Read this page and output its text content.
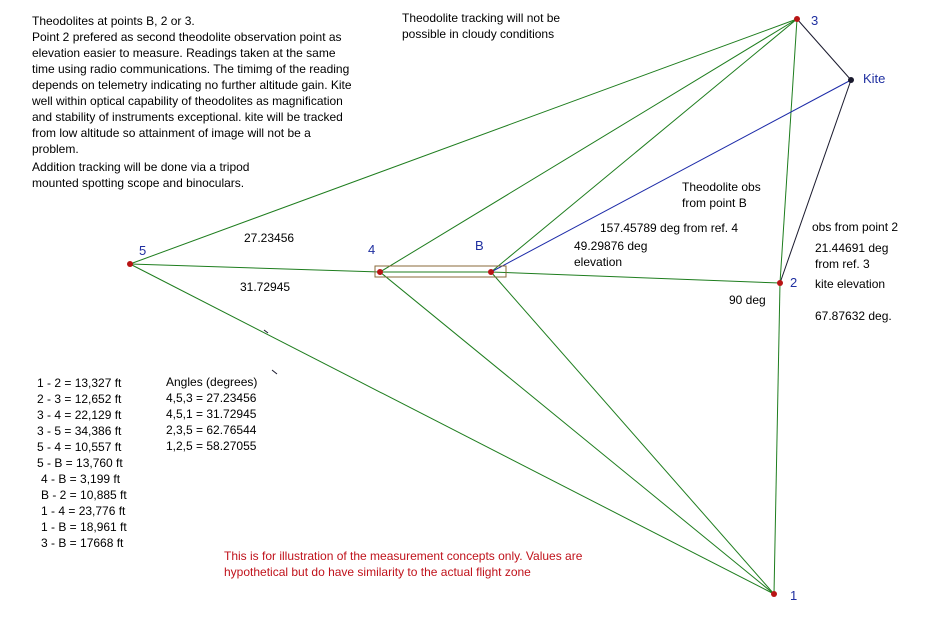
Theodolites at points B, 2 or 3.
Point 2 prefered as second theodolite observation point as elevation easier to measure. Readings taken at the same time using radio communications. The timimg of the reading depends on telemetry indicating no further altitude gain. Kite well within optical capability of theodolites as magnification and stability of instruments exceptional. kite will be tracked from low altitude so attainment of image will not be a problem.
Addition tracking will be done via a tripod
mounted spotting scope and binoculars.
Theodolite tracking will not be
possible in cloudy conditions
3
Kite
5	4	B
2
1
27.23456
31.72945
Theodolite obs
from point B
157.45789 deg from ref. 4
49.29876 deg
elevation
obs from point 2
21.44691 deg
from ref. 3
kite elevation
67.87632 deg.
90 deg
1 - 2 = 13,327 ft
2 - 3 = 12,652 ft
3 - 4 = 22,129 ft
3 - 5 = 34,386 ft
5 - 4 = 10,557 ft
5 - B = 13,760 ft
4 - B = 3,199 ft
B - 2 = 10,885 ft
1 - 4 = 23,776 ft
1 - B = 18,961 ft
3 - B = 17668 ft
Angles (degrees)
4,5,3 = 27.23456
4,5,1 = 31.72945
2,3,5 = 62.76544
1,2,5 = 58.27055
This is for illustration of the measurement concepts only. Values are
hypothetical but do have similarity to the actual flight zone
